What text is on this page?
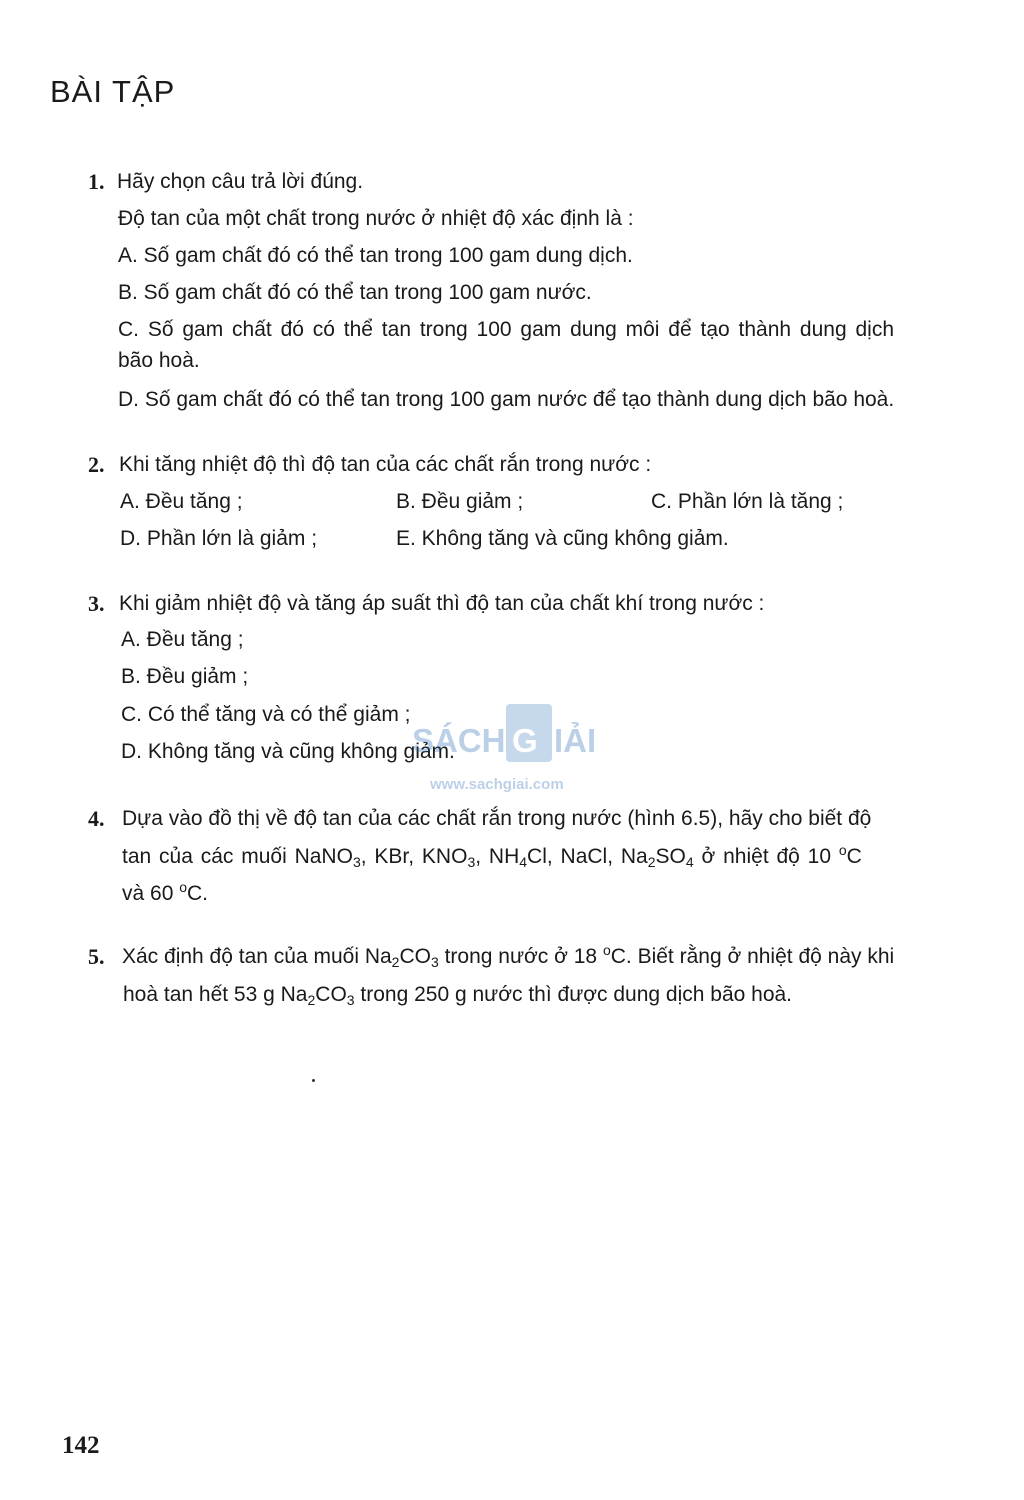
BÀI TẬP
1. Hãy chọn câu trả lời đúng.
Độ tan của một chất trong nước ở nhiệt độ xác định là :
A. Số gam chất đó có thể tan trong 100 gam dung dịch.
B. Số gam chất đó có thể tan trong 100 gam nước.
C. Số gam chất đó có thể tan trong 100 gam dung môi để tạo thành dung dịch
bão hoà.
D. Số gam chất đó có thể tan trong 100 gam nước để tạo thành dung dịch bão hoà.
2. Khi tăng nhiệt độ thì độ tan của các chất rắn trong nước :
A. Đều tăng ;	B. Đều giảm ;	C. Phần lớn là tăng ;
D. Phần lớn là giảm ;	E. Không tăng và cũng không giảm.
3. Khi giảm nhiệt độ và tăng áp suất thì độ tan của chất khí trong nước :
A. Đều tăng ;
B. Đều giảm ;
C. Có thể tăng và có thể giảm ;
D. Không tăng và cũng không giảm.
SÁCH G IẢI
www.sachgiai.com
4. Dựa vào đồ thị về độ tan của các chất rắn trong nước (hình 6.5), hãy cho biết độ
tan của các muối NaNO$_3$, KBr, $KNO_3$, $NH_4Cl$, NaCl, $Na_2SO_4$ ở nhiệt độ 10 $^o$C
và 60 $^o$C.
5. Xác định độ tan của muối $Na_2CO_3$ trong nước ở 18 $^o$C. Biết rằng ở nhiệt độ này khi
hoà tan hết 53 g $Na_2CO_3$ trong 250 g nước thì được dung dịch bão hoà.
142
